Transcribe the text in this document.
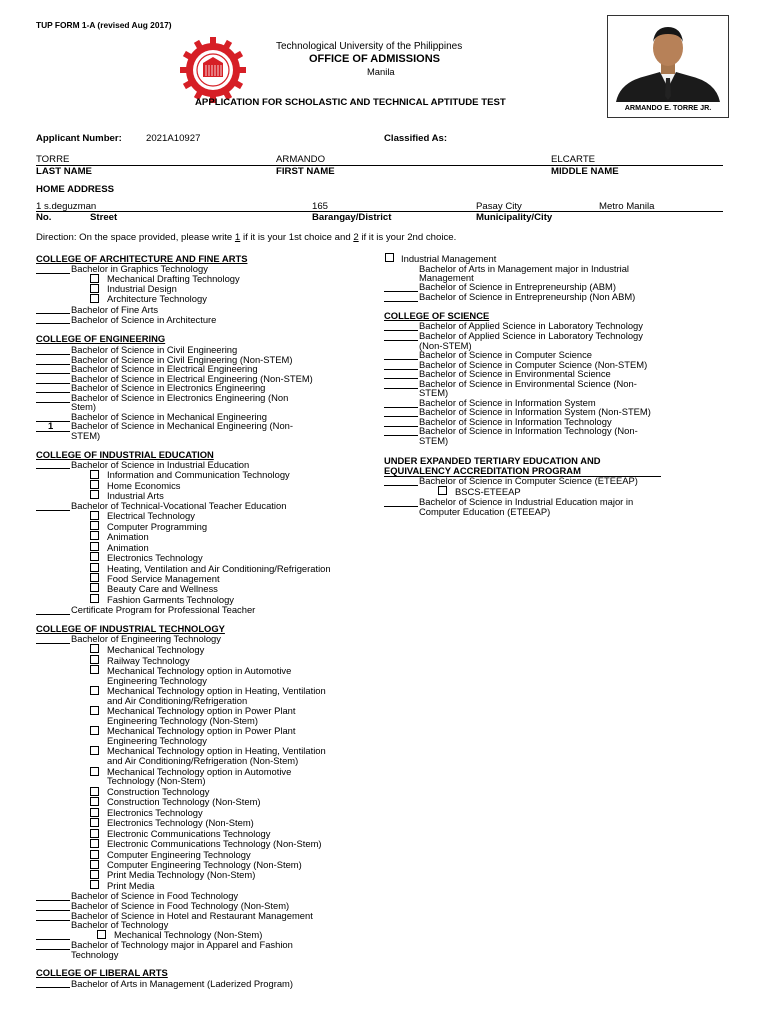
TUP FORM 1-A (revised Aug 2017)
Technological University of the Philippines
OFFICE OF ADMISSIONS
Manila
APPLICATION FOR SCHOLASTIC AND TECHNICAL APTITUDE TEST	ARMANDO E. TORRE JR.
Applicant Number:	2021A10927	Classified As:
TORRE	ARMANDO	ELCARTE
LAST NAME	FIRST NAME	MIDDLE NAME
HOME ADDRESS
1 s.deguzman	165	Pasay City	Metro Manila
No.	Street	Barangay/District	Municipality/City
Direction: On the space provided, please write 1 if it is your 1st choice and 2 if it is your 2nd choice.
COLLEGE OF ARCHITECTURE AND FINE ARTS
Bachelor in Graphics Technology
Mechanical Drafting Technology
Industrial Design
Architecture Technology
Bachelor of Fine Arts
Bachelor of Science in Architecture
COLLEGE OF ENGINEERING
Bachelor of Science in Civil Engineering
Bachelor of Science in Civil Engineering (Non-STEM)
Bachelor of Science in Electrical Engineering
Bachelor of Science in Electrical Engineering (Non-STEM)
Bachelor of Science in Electronics Engineering
Bachelor of Science in Electronics Engineering (Non
Stem)
Bachelor of Science in Mechanical Engineering
1 Bachelor of Science in Mechanical Engineering (Non-
STEM)
COLLEGE OF INDUSTRIAL EDUCATION
Bachelor of Science in Industrial Education
Information and Communication Technology
Home Economics
Industrial Arts
Bachelor of Technical-Vocational Teacher Education
Electrical Technology
Computer Programming
Animation
Animation
Electronics Technology
Heating, Ventilation and Air Conditioning/Refrigeration
Food Service Management
Beauty Care and Wellness
Fashion Garments Technology
Certificate Program for Professional Teacher
COLLEGE OF INDUSTRIAL TECHNOLOGY
Bachelor of Engineering Technology
Mechanical Technology
Railway Technology
Mechanical Technology option in Automotive
Engineering Technology
Mechanical Technology option in Heating, Ventilation
and Air Conditioning/Refrigeration
Mechanical Technology option in Power Plant
Engineering Technology (Non-Stem)
Mechanical Technology option in Power Plant
Engineering Technology
Mechanical Technology option in Heating, Ventilation
and Air Conditioning/Refrigeration (Non-Stem)
Mechanical Technology option in Automotive
Technology (Non-Stem)
Construction Technology
Construction Technology (Non-Stem)
Electronics Technology
Electronics Technology (Non-Stem)
Electronic Communications Technology
Electronic Communications Technology (Non-Stem)
Computer Engineering Technology
Computer Engineering Technology (Non-Stem)
Print Media Technology (Non-Stem)
Print Media
Bachelor of Science in Food Technology
Bachelor of Science in Food Technology (Non-Stem)
Bachelor of Science in Hotel and Restaurant Management
Bachelor of Technology
Mechanical Technology (Non-Stem)
Bachelor of Technology major in Apparel and Fashion
Technology
COLLEGE OF LIBERAL ARTS
Bachelor of Arts in Management (Laderized Program)
Industrial Management
Bachelor of Arts in Management major in Industrial
Management
Bachelor of Science in Entrepreneurship (ABM)
Bachelor of Science in Entrepreneurship (Non ABM)
COLLEGE OF SCIENCE
Bachelor of Applied Science in Laboratory Technology
Bachelor of Applied Science in Laboratory Technology
(Non-STEM)
Bachelor of Science in Computer Science
Bachelor of Science in Computer Science (Non-STEM)
Bachelor of Science in Environmental Science
Bachelor of Science in Environmental Science (Non-
STEM)
Bachelor of Science in Information System
Bachelor of Science in Information System (Non-STEM)
Bachelor of Science in Information Technology
Bachelor of Science in Information Technology (Non-
STEM)
UNDER EXPANDED TERTIARY EDUCATION AND
EQUIVALENCY ACCREDITATION PROGRAM
Bachelor of Science in Computer Science (ETEEAP)
BSCS-ETEEAP
Bachelor of Science in Industrial Education major in
Computer Education (ETEEAP)
